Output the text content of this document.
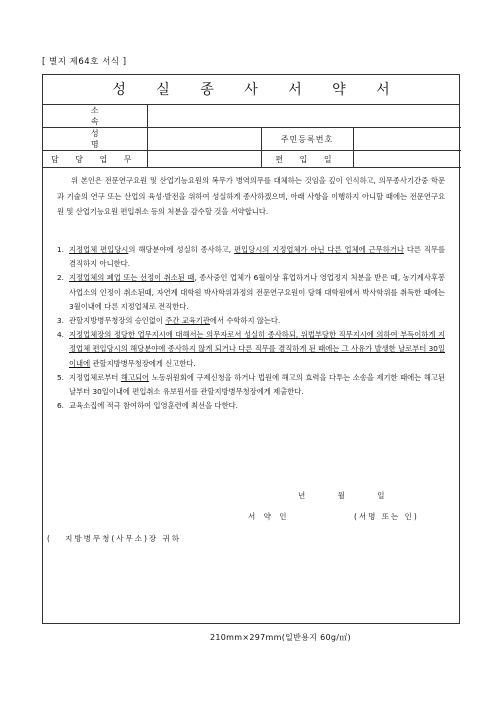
[ 별지 제64호 서식 ]
성 실 종 사 서 약 서
소 속			
성 명		주민등록번호	
담 당 업 무		편 입 일	

위 본인은 전문연구요원 및 산업기능요원의 복무가 병역의무를 대체하는 것임을 깊이 인식하고, 의무종사기간중 학문과 기술의 연구 또는 산업의 육성·발전을 위하여 성실하게 종사하겠으며, 아래 사항을 이행하지 아니할 때에는 전문연구요원 및 산업기능요원 편입취소 등의 처분을 감수할 것을 서약합니다.

1. 지정업체 편입당시의 해당분야에 성실히 종사하고, 편입당시의 지정업체가 아닌 다른 업체에 근무하거나 다른 직무를 겸직하지 아니한다.
2. 지정업체의 폐업 또는 선정이 취소된 때, 종사중인 업체가 6월이상 휴업하거나 영업정지 처분을 받은 때, 농기계사후봉사업소의 인정이 취소된때, 자연계 대학원 박사학위과정의 전문연구요원이 당해 대학원에서 박사학위를 취득한 때에는 3월이내에 다른 지정업체로 전직한다.
3. 관할지방병무청장의 승인없이 주간 교육기관에서 수학하지 않는다.
4. 지정업체장의 정당한 업무지시에 대해서는 의무자로서 성실히 종사하되, 위법부당한 직무지시에 의하여 부득이하게 지정업체 편입당시의 해당분야에 종사하지 않게 되거나 다른 직무를 겸직하게 된 때에는 그 사유가 발생한 날로부터 30일이내에 관할지방병무청장에게 신고한다.
5. 지정업체로부터 해고되어 노동위원회에 구제신청을 하거나 법원에 해고의 효력을 다투는 소송을 제기한 때에는 해고된 날부터 30일이내에 편입취소 유보원서를 관할지방병무청장에게 제출한다.
6. 교육소집에 적극 참여하여 입영훈련에 최선을 다한다.
년	월	일
서 약 인	(서명 또는 인)
( 지방병무청(사무소)장 귀하
210mm×297mm(일반용지 60g/㎡)
